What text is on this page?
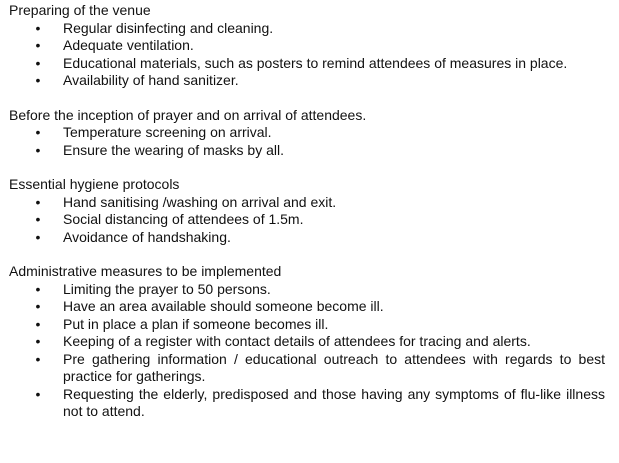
Preparing of the venue

• Regular disinfecting and cleaning.
• Adequate ventilation.
• Educational materials, such as posters to remind attendees of measures in place.
• Availability of hand sanitizer.

Before the inception of prayer and on arrival of attendees.

• Temperature screening on arrival.
• Ensure the wearing of masks by all.

Essential hygiene protocols

• Hand sanitising /washing on arrival and exit.
• Social distancing of attendees of 1.5m.
• Avoidance of handshaking.

Administrative measures to be implemented

• Limiting the prayer to 50 persons.
• Have an area available should someone become ill.
• Put in place a plan if someone becomes ill.
• Keeping of a register with contact details of attendees for tracing and alerts.
• Pre gathering information / educational outreach to attendees with regards to best practice for gatherings.
• Requesting the elderly, predisposed and those having any symptoms of flu-like illness not to attend.
